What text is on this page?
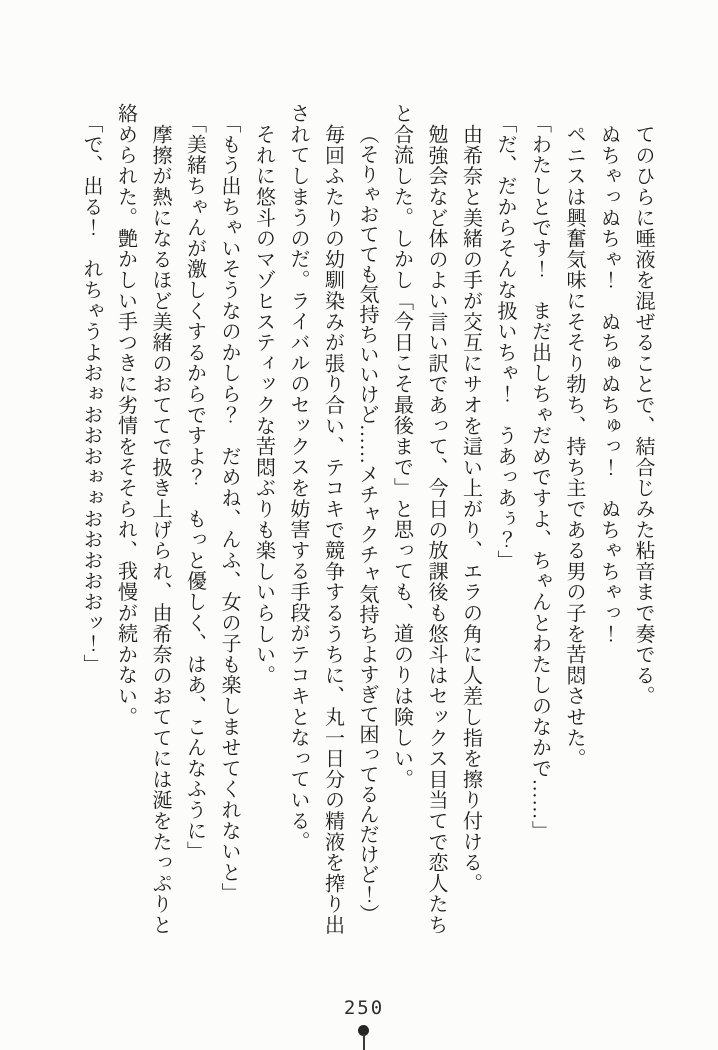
てのひらに唾液を混ぜることで、結合じみた粘音まで奏でる。

ぬちゃっぬちゃ！　ぬちゅぬちゅっ！　ぬちゃちゃっ！

ペニスは興奮気味にそそり勃ち、持ち主である男の子を苦悶させた。

「わたしとです！　まだ出しちゃだめですよ、ちゃんとわたしのなかで……」

「だ、だからそんな扱いちゃ！　うあっあぅ？」

由希奈と美緒の手が交互にサオを這い上がり、エラの角に人差し指を擦り付ける。

勉強会など体のよい言い訳であって、今日の放課後も悠斗はセックス目当てで恋人たちと合流した。しかし「今日こそ最後まで」と思っても、道のりは険しい。

（そりゃおてても気持ちいいけど……メチャクチャ気持ちよすぎて困ってるんだけど！）

毎回ふたりの幼馴染みが張り合い、テコキで競争するうちに、丸一日分の精液を搾り出されてしまうのだ。ライバルのセックスを妨害する手段がテコキとなっている。

それに悠斗のマゾヒスティックな苦悶ぶりも楽しいらしい。

「もう出ちゃいそうなのかしら？　だめね、んふ、女の子も楽しませてくれないと」

「美緒ちゃんが激しくするからですよ？　もっと優しく、はあ、こんなふうに」

摩擦が熱になるほど美緒のおててで扱き上げられ、由希奈のおててには涎をたっぷりと絡められた。艶かしい手つきに劣情をそそられ、我慢が続かない。

「で、出る！　れちゃうよおぉおおおぉぉおおおおおッ！」

250
